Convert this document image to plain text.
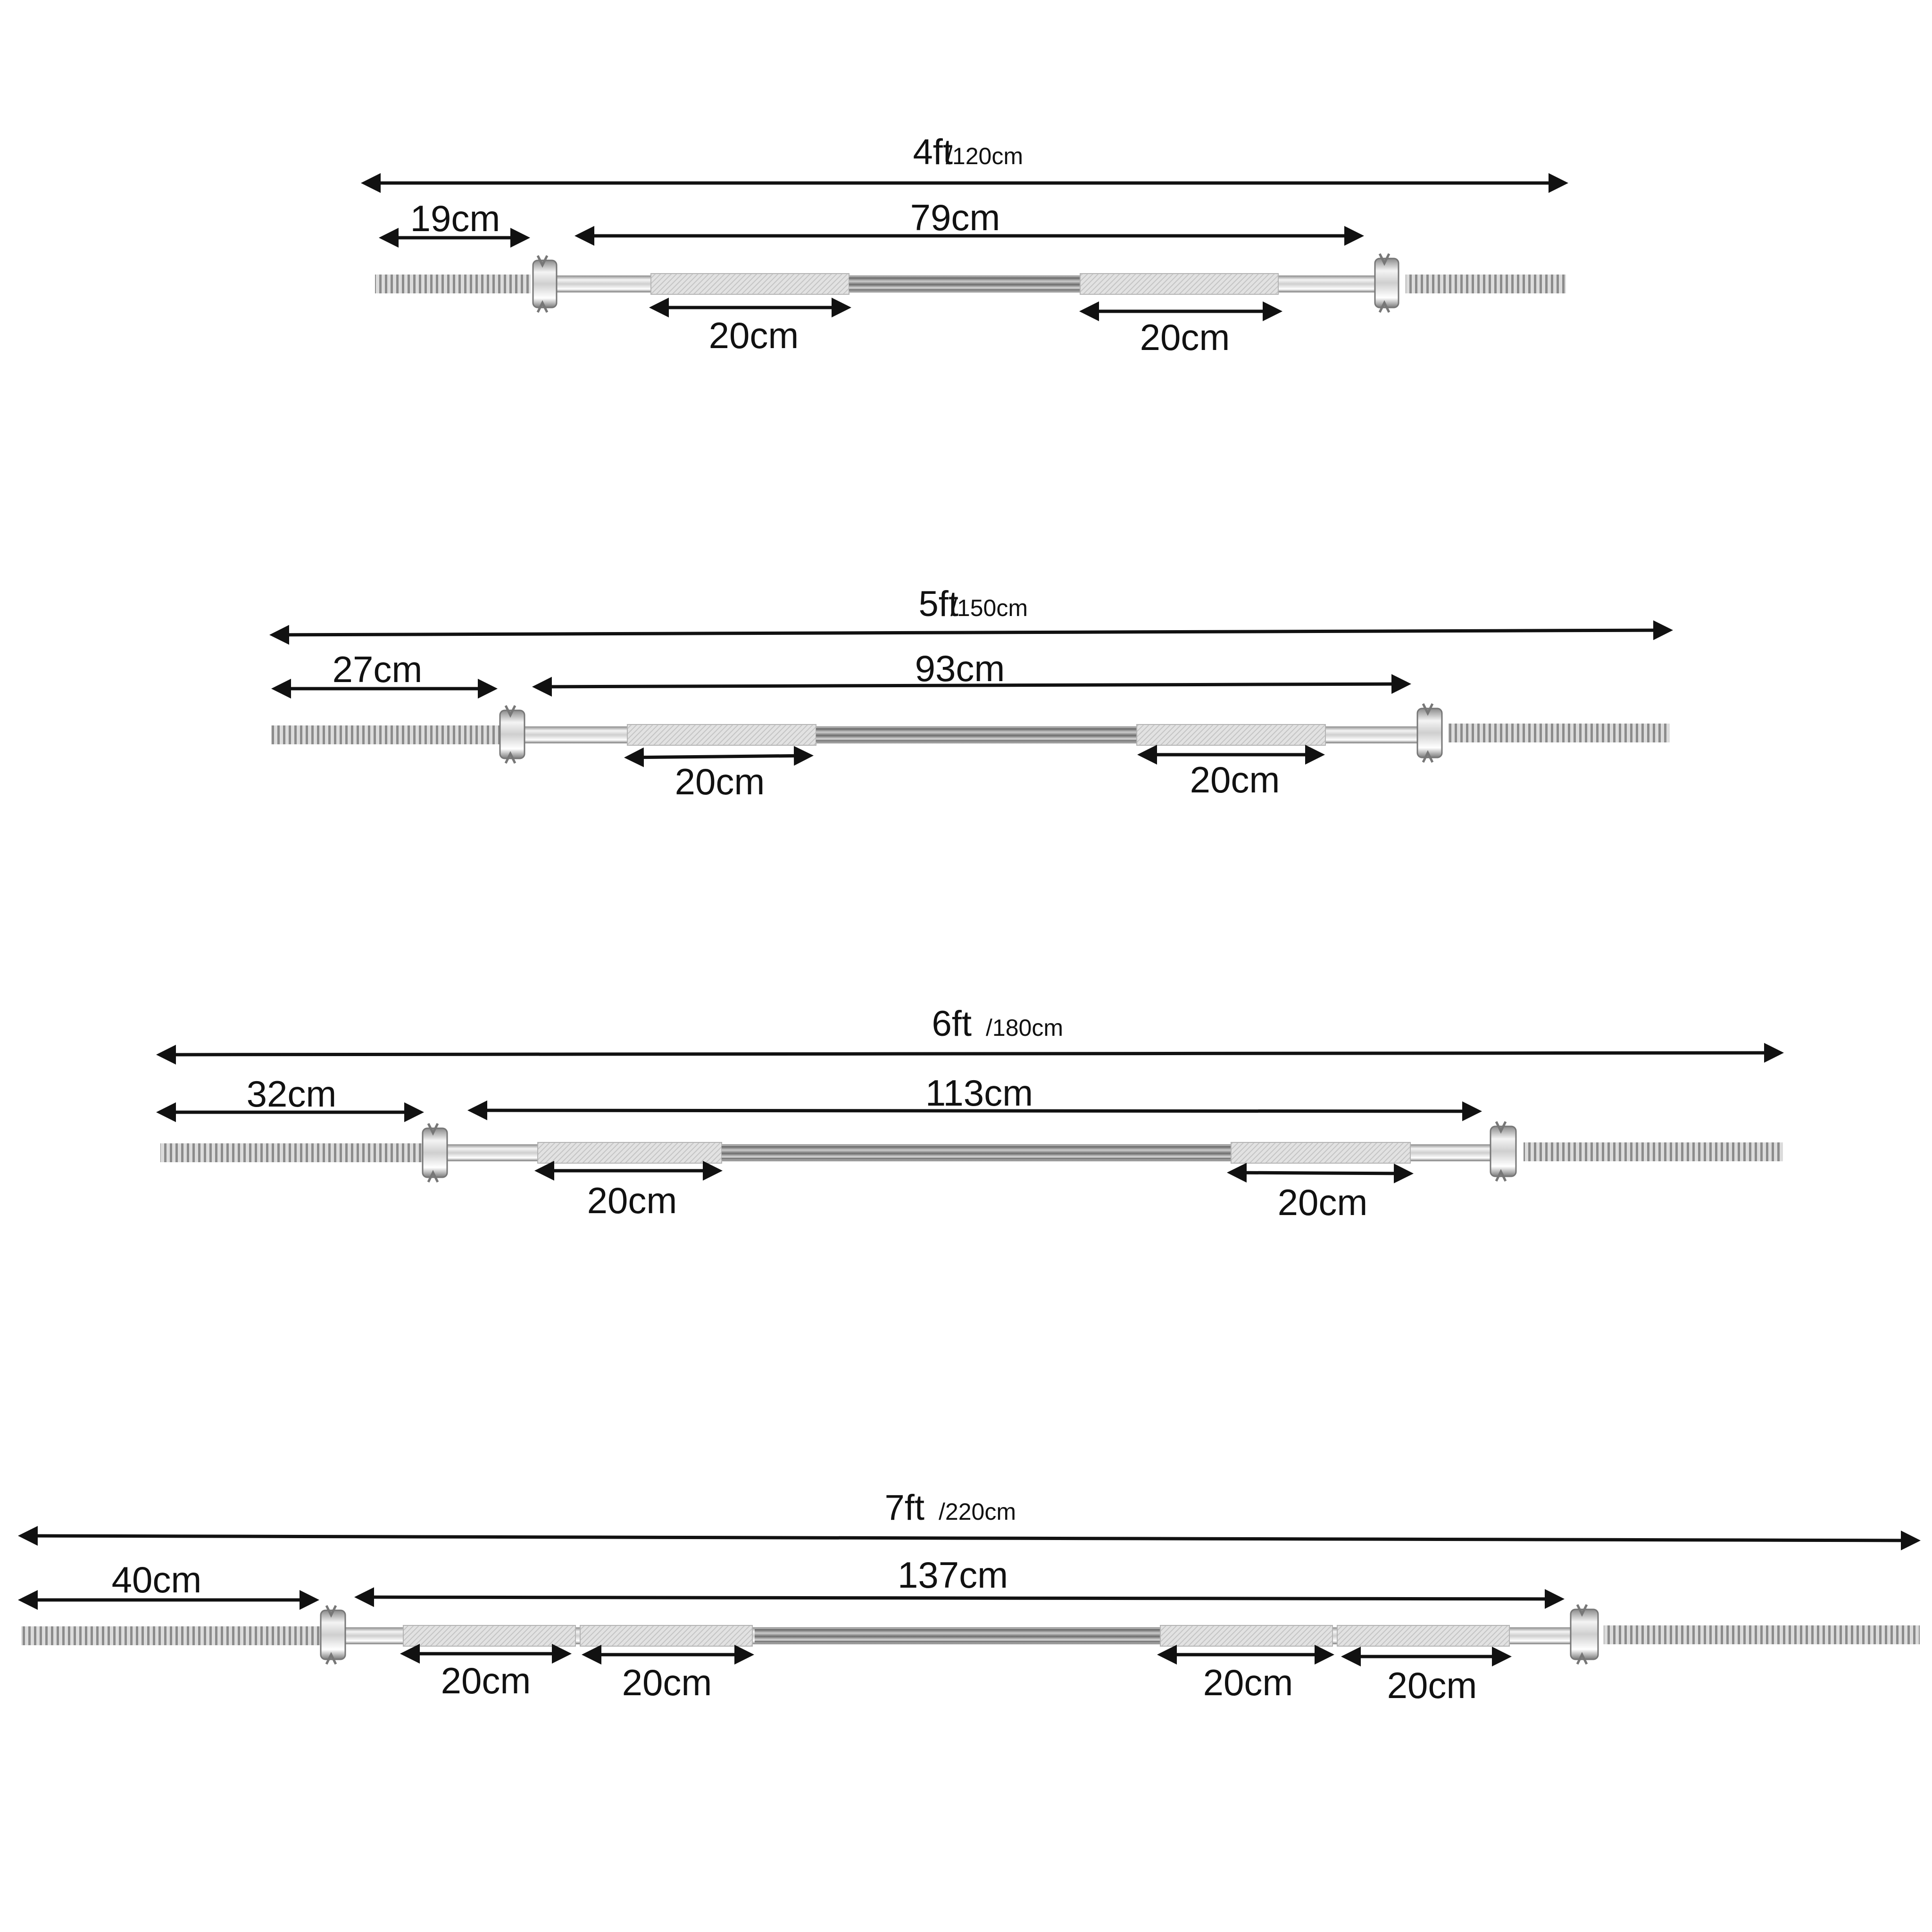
4ft
/120cm
19cm	79cm
20cm	20cm
5ft
/150cm
27cm	93cm
20cm	20cm
6ft /180cm
32cm	113cm
20cm	20cm
7ft /220cm
40cm	137cm
20cm 20cm	20cm	20cm
